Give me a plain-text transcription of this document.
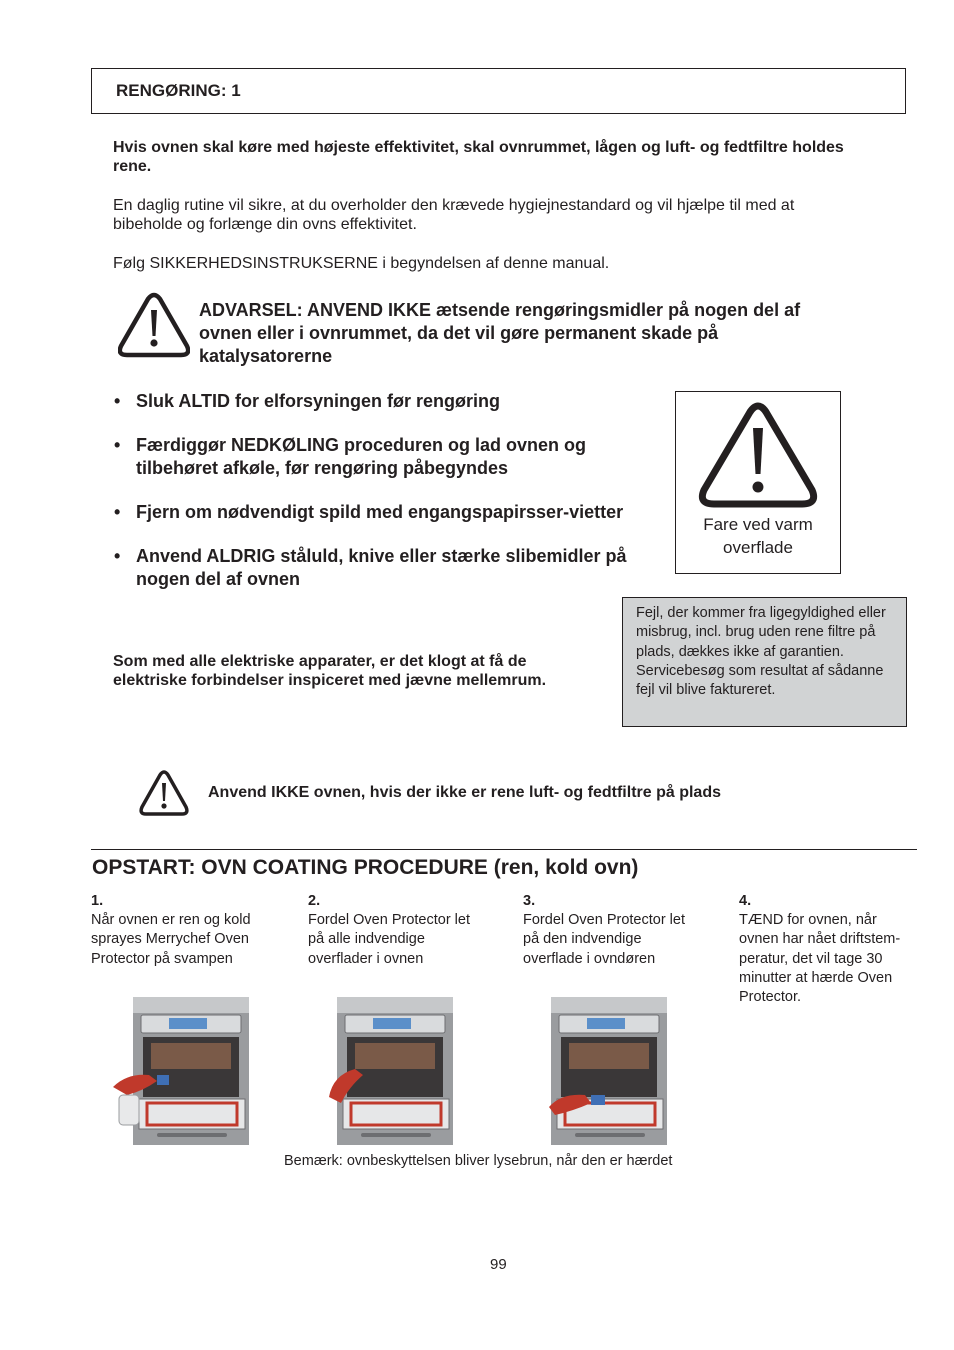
RENGØRING: 1
Hvis ovnen skal køre med højeste effektivitet, skal ovnrummet, lågen og luft- og fedtfiltre holdes rene.
En daglig rutine vil sikre, at du overholder den krævede hygiejnestandard og vil hjælpe til med at bibeholde og forlænge din ovns effektivitet.
Følg SIKKERHEDSINSTRUKSERNE i begyndelsen af denne manual.
ADVARSEL: ANVEND IKKE ætsende rengøringsmidler på nogen del af ovnen eller i ovnrummet, da det vil gøre permanent skade på katalysatorerne
• Sluk ALTID for elforsyningen før rengøring
• Færdiggør NEDKØLING proceduren og lad ovnen og tilbehøret afkøle, før rengøring påbegyndes
• Fjern om nødvendigt spild med engangspapirsser-vietter
• Anvend ALDRIG ståluld, knive eller stærke slibemidler på nogen del af ovnen
Fare ved varm
overflade
Som med alle elektriske apparater, er det klogt at få de elektriske forbindelser inspiceret med jævne mellemrum.
Fejl, der kommer fra ligegyldighed eller misbrug, incl. brug uden rene filtre på plads, dækkes ikke af garantien. Servicebesøg som resultat af sådanne fejl vil blive faktureret.
Anvend IKKE ovnen, hvis der ikke er rene luft- og fedtfiltre på plads
OPSTART: OVN COATING PROCEDURE (ren, kold ovn)
1.
Når ovnen er ren og kold sprayes Merrychef Oven Protector på svampen
2.
Fordel Oven Protector let på alle indvendige overflader i ovnen
3.
Fordel Oven Protector let på den indvendige overflade i ovndøren
4.
TÆND for ovnen, når ovnen har nået driftstem-peratur, det vil tage 30 minutter at hærde Oven Protector.
Bemærk: ovnbeskyttelsen bliver lysebrun, når den er hærdet
99
